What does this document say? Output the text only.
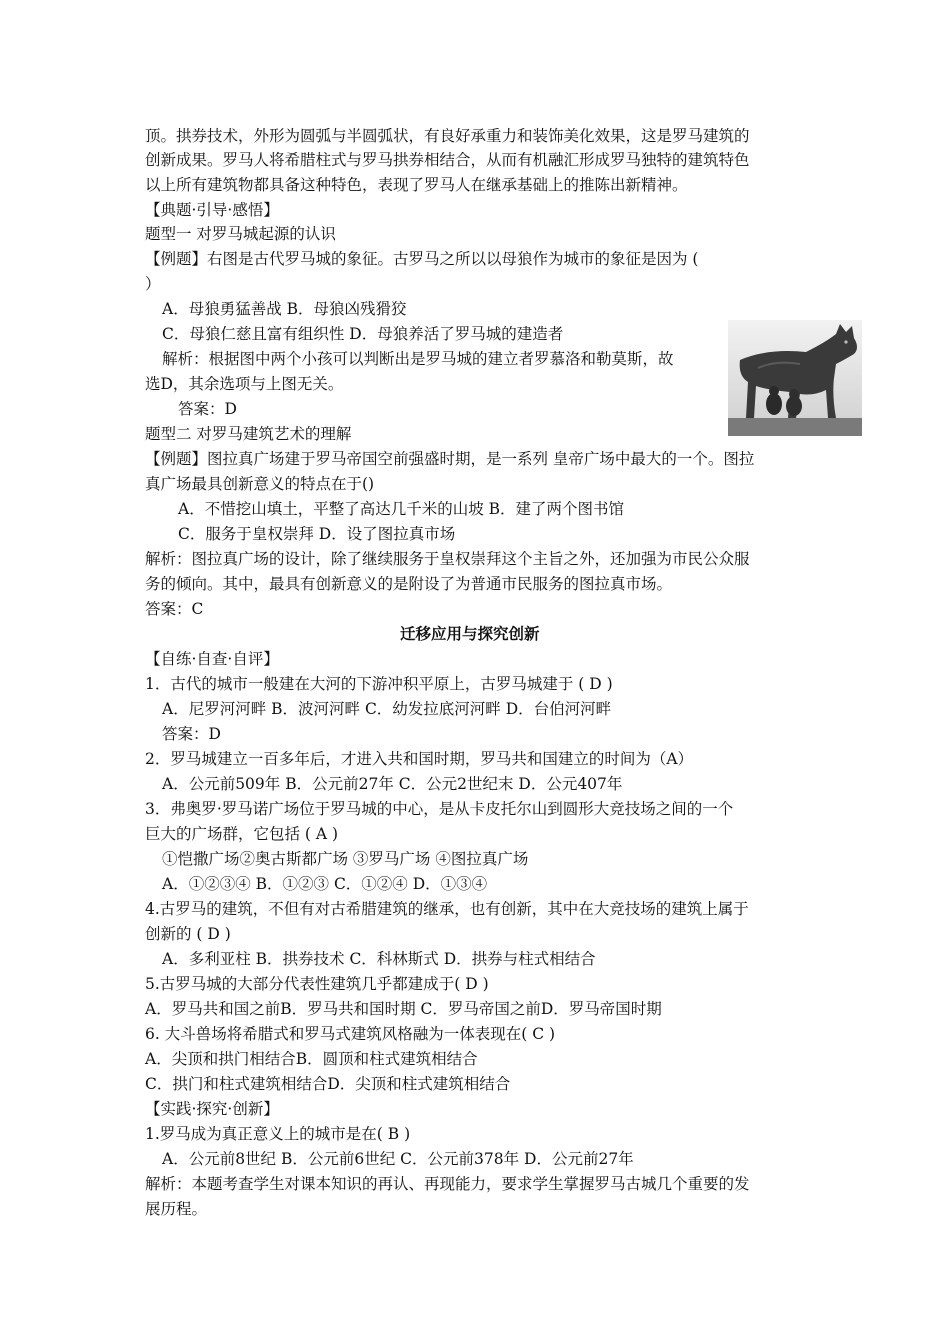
顶。拱券技术，外形为圆弧与半圆弧状，有良好承重力和装饰美化效果，这是罗马建筑的
创新成果。罗马人将希腊柱式与罗马拱券相结合，从而有机融汇形成罗马独特的建筑特色
以上所有建筑物都具备这种特色，表现了罗马人在继承基础上的推陈出新精神。
【典题·引导·感悟】
题型一 对罗马城起源的认识
【例题】右图是古代罗马城的象征。古罗马之所以以母狼作为城市的象征是因为 (
）
A．母狼勇猛善战 B．母狼凶残猾狡
C．母狼仁慈且富有组织性 D．母狼养活了罗马城的建造者
解析：根据图中两个小孩可以判断出是罗马城的建立者罗慕洛和勒莫斯，故
选D，其余选项与上图无关。
答案：D
题型二 对罗马建筑艺术的理解
【例题】图拉真广场建于罗马帝国空前强盛时期，是一系列 皇帝广场中最大的一个。图拉
真广场最具创新意义的特点在于()
A．不惜挖山填土，平整了高达几千米的山坡 B．建了两个图书馆
C．服务于皇权崇拜 D．设了图拉真市场
解析：图拉真广场的设计，除了继续服务于皇权崇拜这个主旨之外，还加强为市民公众服
务的倾向。其中，最具有创新意义的是附设了为普通市民服务的图拉真市场。
答案：C
迁移应用与探究创新
【自练·自查·自评】
1．古代的城市一般建在大河的下游冲积平原上，古罗马城建于 ( D )
A．尼罗河河畔 B．波河河畔 C．幼发拉底河河畔 D．台伯河河畔
答案：D
2．罗马城建立一百多年后，才进入共和国时期，罗马共和国建立的时间为（A）
A．公元前509年 B．公元前27年 C．公元2世纪末 D．公元407年
3．弗奥罗·罗马诺广场位于罗马城的中心，是从卡皮托尔山到圆形大竞技场之间的一个
巨大的广场群，它包括 ( A )
①恺撒广场②奥古斯都广场 ③罗马广场 ④图拉真广场
A．①②③④ B．①②③ C．①②④ D．①③④
4.古罗马的建筑，不但有对古希腊建筑的继承，也有创新，其中在大竞技场的建筑上属于
创新的 ( D )
A．多利亚柱 B．拱券技术 C．科林斯式 D．拱券与柱式相结合
5.古罗马城的大部分代表性建筑几乎都建成于( D )
A．罗马共和国之前B．罗马共和国时期 C．罗马帝国之前D．罗马帝国时期
6. 大斗兽场将希腊式和罗马式建筑风格融为一体表现在( C )
A．尖顶和拱门相结合B．圆顶和柱式建筑相结合
C．拱门和柱式建筑相结合D．尖顶和柱式建筑相结合
【实践·探究·创新】
1.罗马成为真正意义上的城市是在( B )
A．公元前8世纪 B．公元前6世纪 C．公元前378年 D．公元前27年
解析：本题考查学生对课本知识的再认、再现能力，要求学生掌握罗马古城几个重要的发
展历程。
